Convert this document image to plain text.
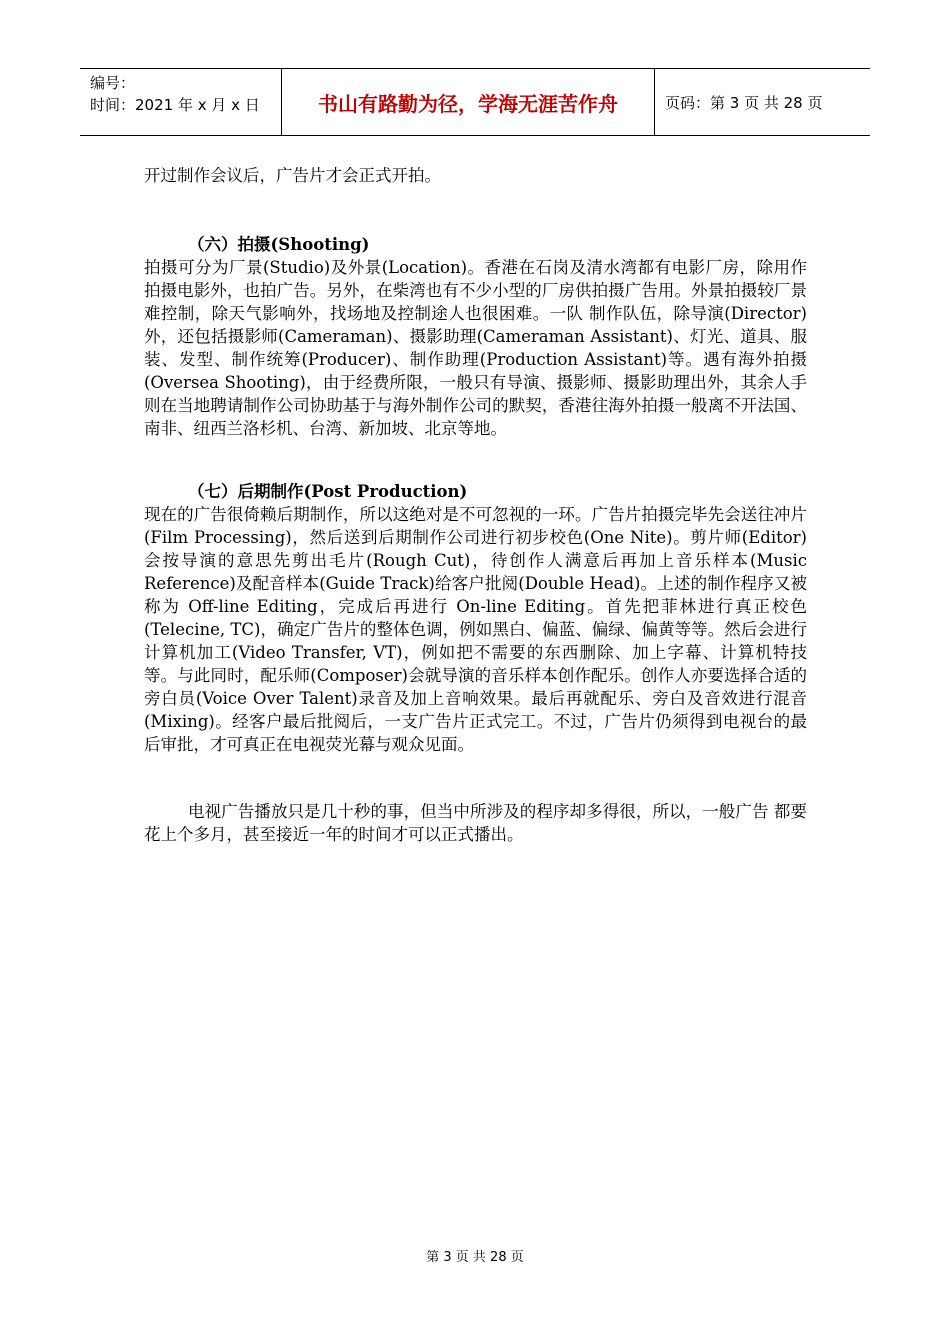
编号：
时间：2021 年 x 月 x 日	书山有路勤为径，学海无涯苦作舟	页码：第 3 页 共 28 页

开过制作会议后，广告片才会正式开拍。

（六）拍摄(Shooting)

拍摄可分为厂景(Studio)及外景(Location)。香港在石岗及清水湾都有电影厂房，除用作拍摄电影外，也拍广告。另外，在柴湾也有不少小型的厂房供拍摄广告用。外景拍摄较厂景难控制，除天气影响外，找场地及控制途人也很困难。一队 制作队伍，除导演(Director)外，还包括摄影师(Cameraman)、摄影助理(Cameraman Assistant)、灯光、道具、服装、发型、制作统筹(Producer)、制作助理(Production Assistant)等。遇有海外拍摄(Oversea Shooting)，由于经费所限，一般只有导演、摄影师、摄影助理出外，其余人手则在当地聘请制作公司协助基于与海外制作公司的默契，香港往海外拍摄一般离不开法国、南非、纽西兰洛杉机、台湾、新加坡、北京等地。

（七）后期制作(Post Production)

现在的广告很倚赖后期制作，所以这绝对是不可忽视的一环。广告片拍摄完毕先会送往冲片(Film Processing)，然后送到后期制作公司进行初步校色(One Nite)。剪片师(Editor)会按导演的意思先剪出毛片(Rough Cut)，待创作人满意后再加上音乐样本(Music Reference)及配音样本(Guide Track)给客户批阅(Double Head)。上述的制作程序又被称为 Off-line Editing，完成后再进行 On-line Editing。首先把菲林进行真正校色(Telecine, TC)，确定广告片的整体色调，例如黑白、偏蓝、偏绿、偏黄等等。然后会进行计算机加工(Video Transfer, VT)，例如把不需要的东西删除、加上字幕、计算机特技等。与此同时，配乐师(Composer)会就导演的音乐样本创作配乐。创作人亦要选择合适的旁白员(Voice Over Talent)录音及加上音响效果。最后再就配乐、旁白及音效进行混音(Mixing)。经客户最后批阅后，一支广告片正式完工。不过，广告片仍须得到电视台的最后审批，才可真正在电视荧光幕与观众见面。

电视广告播放只是几十秒的事，但当中所涉及的程序却多得很，所以，一般广告 都要花上个多月，甚至接近一年的时间才可以正式播出。

第 3 页 共 28 页
